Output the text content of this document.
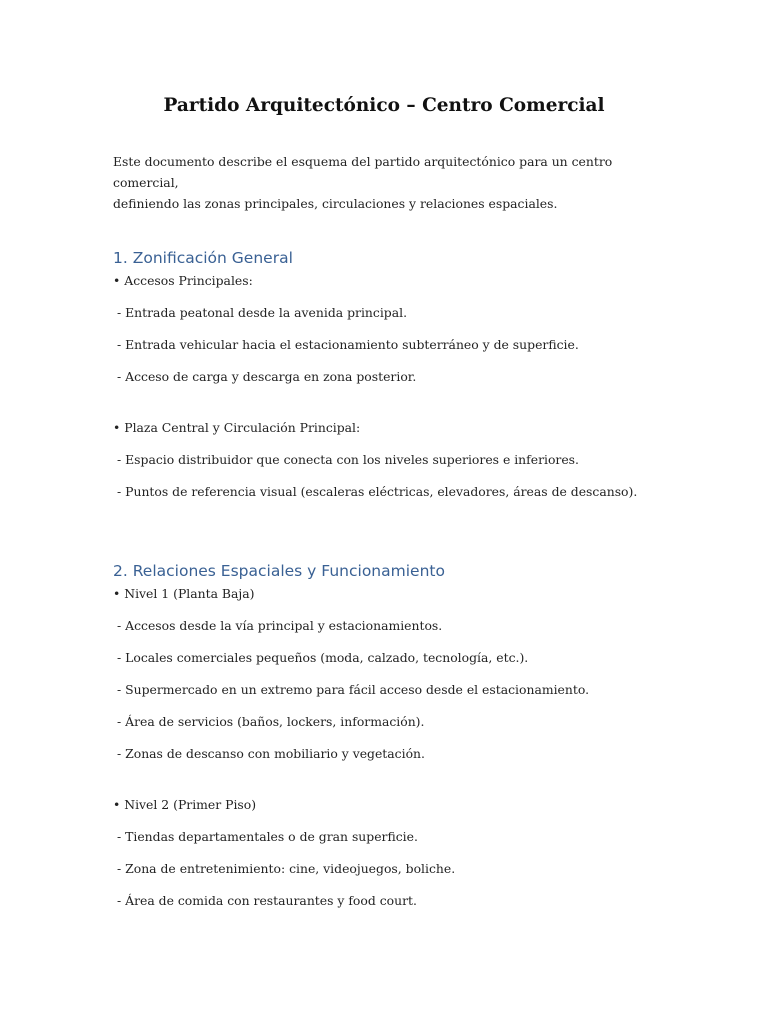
Partido Arquitectónico – Centro Comercial
Este documento describe el esquema del partido arquitectónico para un centro comercial,
definiendo las zonas principales, circulaciones y relaciones espaciales.
1. Zonificación General
• Accesos Principales:
- Entrada peatonal desde la avenida principal.
- Entrada vehicular hacia el estacionamiento subterráneo y de superficie.
- Acceso de carga y descarga en zona posterior.
• Plaza Central y Circulación Principal:
- Espacio distribuidor que conecta con los niveles superiores e inferiores.
- Puntos de referencia visual (escaleras eléctricas, elevadores, áreas de descanso).
2. Relaciones Espaciales y Funcionamiento
• Nivel 1 (Planta Baja)
- Accesos desde la vía principal y estacionamientos.
- Locales comerciales pequeños (moda, calzado, tecnología, etc.).
- Supermercado en un extremo para fácil acceso desde el estacionamiento.
- Área de servicios (baños, lockers, información).
- Zonas de descanso con mobiliario y vegetación.
• Nivel 2 (Primer Piso)
- Tiendas departamentales o de gran superficie.
- Zona de entretenimiento: cine, videojuegos, boliche.
- Área de comida con restaurantes y food court.
